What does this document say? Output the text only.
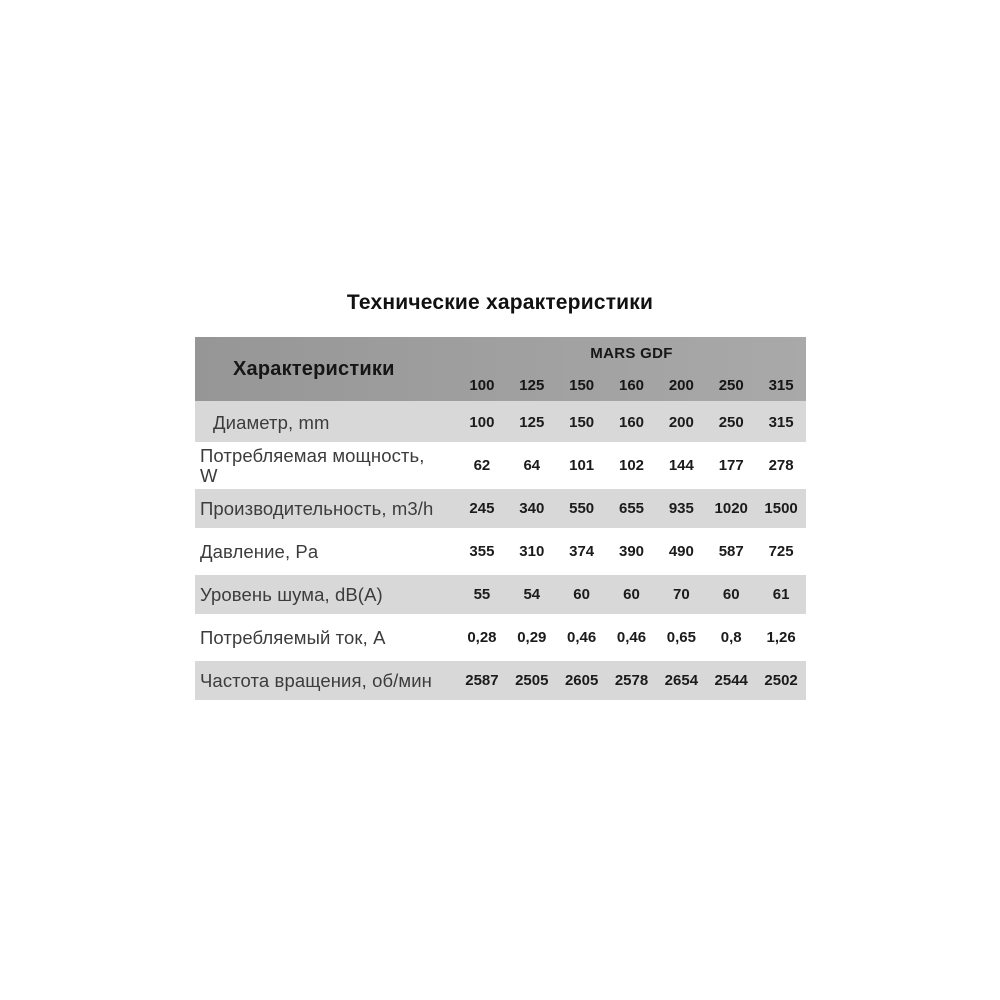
Технические характеристики
Характеристики
MARS GDF
100	125	150	160	200	250	315
Диаметр, mm	100	125	150	160	200	250	315
Потребляемая мощность,
W	62	64	101	102	144	177	278
Производительность, m3/h	245	340	550	655	935	1020	1500
Давление, Pa	355	310	374	390	490	587	725
Уровень шума, dB(A)	55	54	60	60	70	60	61
Потребляемый ток, A	0,28	0,29	0,46	0,46	0,65	0,8	1,26
Частота вращения, об/мин	2587	2505	2605	2578	2654	2544	2502
